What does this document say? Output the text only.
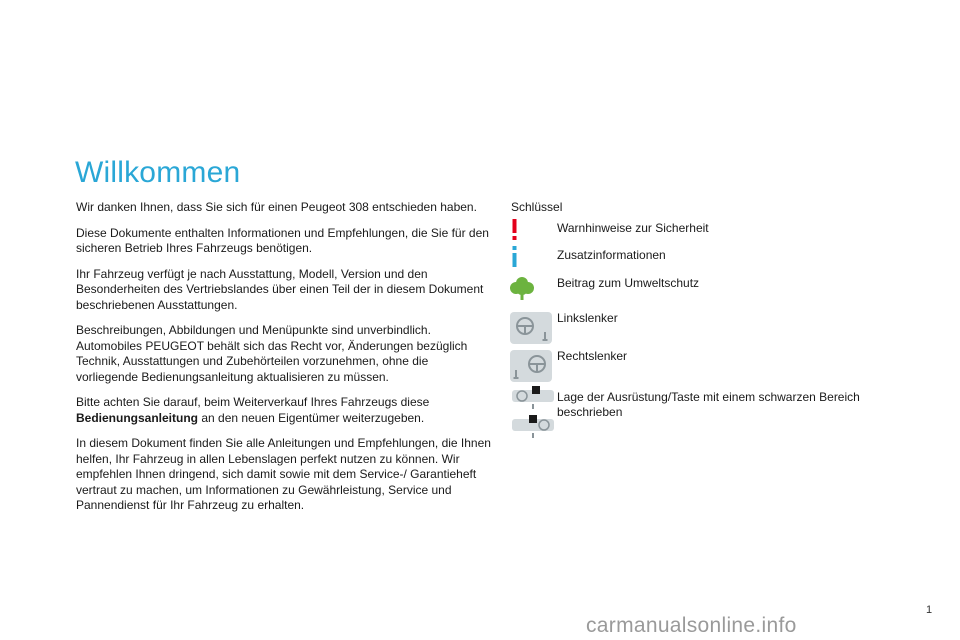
Willkommen

Wir danken Ihnen, dass Sie sich für einen Peugeot 308 entschieden haben.

Diese Dokumente enthalten Informationen und Empfehlungen, die Sie für den sicheren Betrieb Ihres Fahrzeugs benötigen.

Ihr Fahrzeug verfügt je nach Ausstattung, Modell, Version und den Besonderheiten des Vertriebslandes über einen Teil der in diesem Dokument beschriebenen Ausstattungen.

Beschreibungen, Abbildungen und Menüpunkte sind unverbindlich. Automobiles PEUGEOT behält sich das Recht vor, Änderungen bezüglich Technik, Ausstattungen und Zubehörteilen vorzunehmen, ohne die vorliegende Bedienungsanleitung aktualisieren zu müssen.

Bitte achten Sie darauf, beim Weiterverkauf Ihres Fahrzeugs diese Bedienungsanleitung an den neuen Eigentümer weiterzugeben.

In diesem Dokument finden Sie alle Anleitungen und Empfehlungen, die Ihnen helfen, Ihr Fahrzeug in allen Lebenslagen perfekt nutzen zu können. Wir empfehlen Ihnen dringend, sich damit sowie mit dem Service-/ Garantieheft vertraut zu machen, um Informationen zu Gewährleistung, Service und Pannendienst für Ihr Fahrzeug zu erhalten.

Schlüssel
Warnhinweise zur Sicherheit
Zusatzinformationen
Beitrag zum Umweltschutz
Linkslenker
Rechtslenker
Lage der Ausrüstung/Taste mit einem schwarzen Bereich beschrieben
1
carmanualsonline.info
